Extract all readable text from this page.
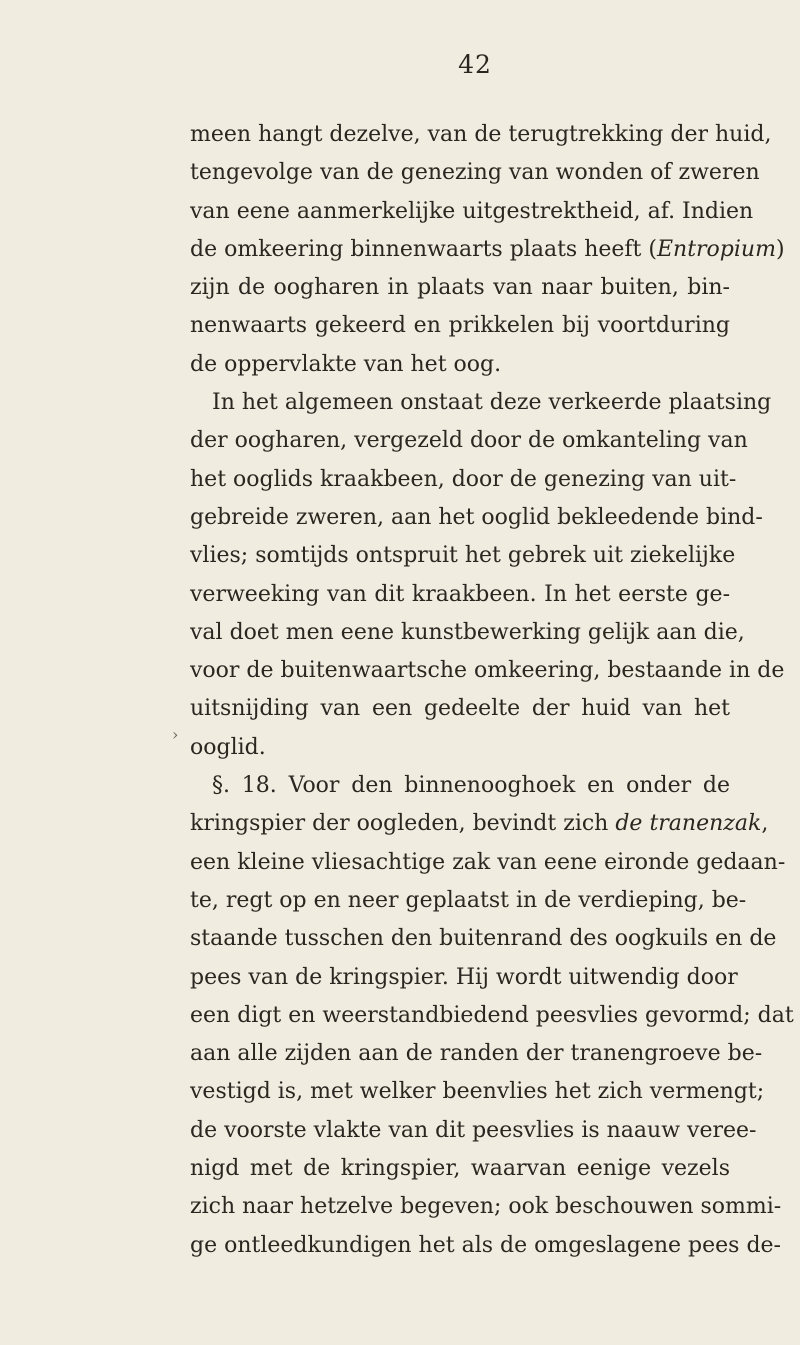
42
›
meen hangt dezelve, van de terugtrekking der huid,
tengevolge van de genezing van wonden of zweren
van eene aanmerkelijke uitgestrektheid, af. Indien
de omkeering binnenwaarts plaats heeft (Entropium)
zijn de oogharen in plaats van naar buiten, bin-
nenwaarts gekeerd en prikkelen bij voortduring
de oppervlakte van het oog.
In het algemeen onstaat deze verkeerde plaatsing
der oogharen, vergezeld door de omkanteling van
het ooglids kraakbeen, door de genezing van uit-
gebreide zweren, aan het ooglid bekleedende bind-
vlies; somtijds ontspruit het gebrek uit ziekelijke
verweeking van dit kraakbeen. In het eerste ge-
val doet men eene kunstbewerking gelijk aan die,
voor de buitenwaartsche omkeering, bestaande in de
uitsnijding van een gedeelte der huid van het
ooglid.
§. 18. Voor den binnenooghoek en onder de
kringspier der oogleden, bevindt zich de tranenzak,
een kleine vliesachtige zak van eene eironde gedaan-
te, regt op en neer geplaatst in de verdieping, be-
staande tusschen den buitenrand des oogkuils en de
pees van de kringspier. Hij wordt uitwendig door
een digt en weerstandbiedend peesvlies gevormd; dat
aan alle zijden aan de randen der tranengroeve be-
vestigd is, met welker beenvlies het zich vermengt;
de voorste vlakte van dit peesvlies is naauw veree-
nigd met de kringspier, waarvan eenige vezels
zich naar hetzelve begeven; ook beschouwen sommi-
ge ontleedkundigen het als de omgeslagene pees de-
